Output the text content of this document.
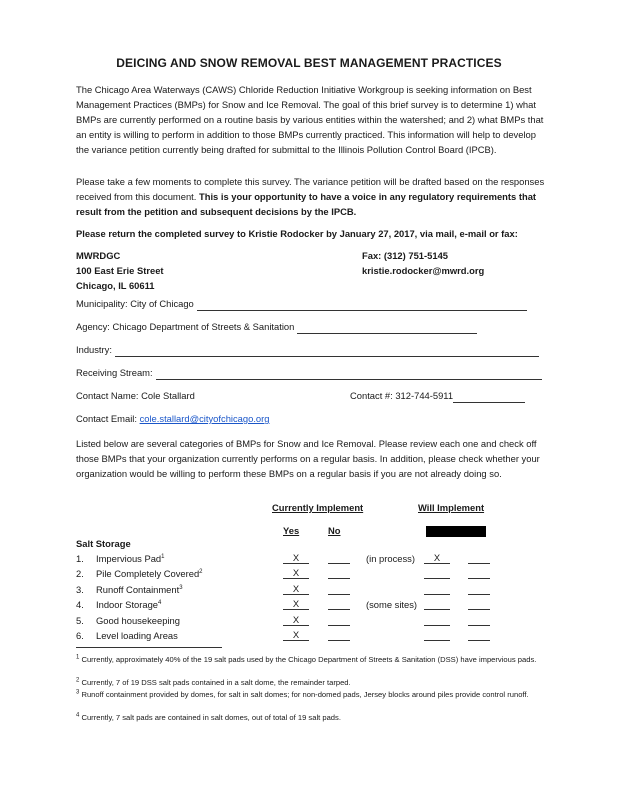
DEICING AND SNOW REMOVAL BEST MANAGEMENT PRACTICES

The Chicago Area Waterways (CAWS) Chloride Reduction Initiative Workgroup is seeking information on Best Management Practices (BMPs) for Snow and Ice Removal. The goal of this brief survey is to determine 1) what BMPs are currently performed on a routine basis by various entities within the watershed; and 2) what BMPs that an entity is willing to perform in addition to those BMPs currently practiced. This information will help to develop the variance petition currently being drafted for submittal to the Illinois Pollution Control Board (IPCB).

Please take a few moments to complete this survey. The variance petition will be drafted based on the responses received from this document. This is your opportunity to have a voice in any regulatory requirements that result from the petition and subsequent decisions by the IPCB.

Please return the completed survey to Kristie Rodocker by January 27, 2017, via mail, e-mail or fax:

MWRDGC
100 East Erie Street
Chicago, IL 60611
Fax: (312) 751-5145
kristie.rodocker@mwrd.org
Municipality:
City of Chicago
Agency:
Chicago Department of Streets & Sanitation
Industry:
Receiving Stream:
Contact Name:
Cole Stallard	Contact #:
312-744-5911
Contact Email:
cole.stallard@cityofchicago.org

Listed below are several categories of BMPs for Snow and Ice Removal. Please review each one and check off those BMPs that your organization currently performs on a regular basis. In addition, please check whether your organization would be willing to perform these BMPs on a regular basis if you are not already doing so.

Currently Implement	Will Implement
Yes	No
Salt Storage
1.	Impervious Pad$^1$	X	(in process)	X
2.	Pile Completely Covered$^2$	X
3.	Runoff Containment$^3$	X
4.	Indoor Storage$^4$	X	(some sites)
5.	Good housekeeping	X
6.	Level loading Areas	X

$^1$ Currently, approximately 40% of the 19 salt pads used by the Chicago Department of Streets & Sanitation (DSS) have impervious pads.

$^2$ Currently, 7 of 19 DSS salt pads contained in a salt dome, the remainder tarped.

$^3$ Runoff containment provided by domes, for salt in salt domes; for non-domed pads, Jersey blocks around piles provide control runoff.

$^4$ Currently, 7 salt pads are contained in salt domes, out of total of 19 salt pads.
